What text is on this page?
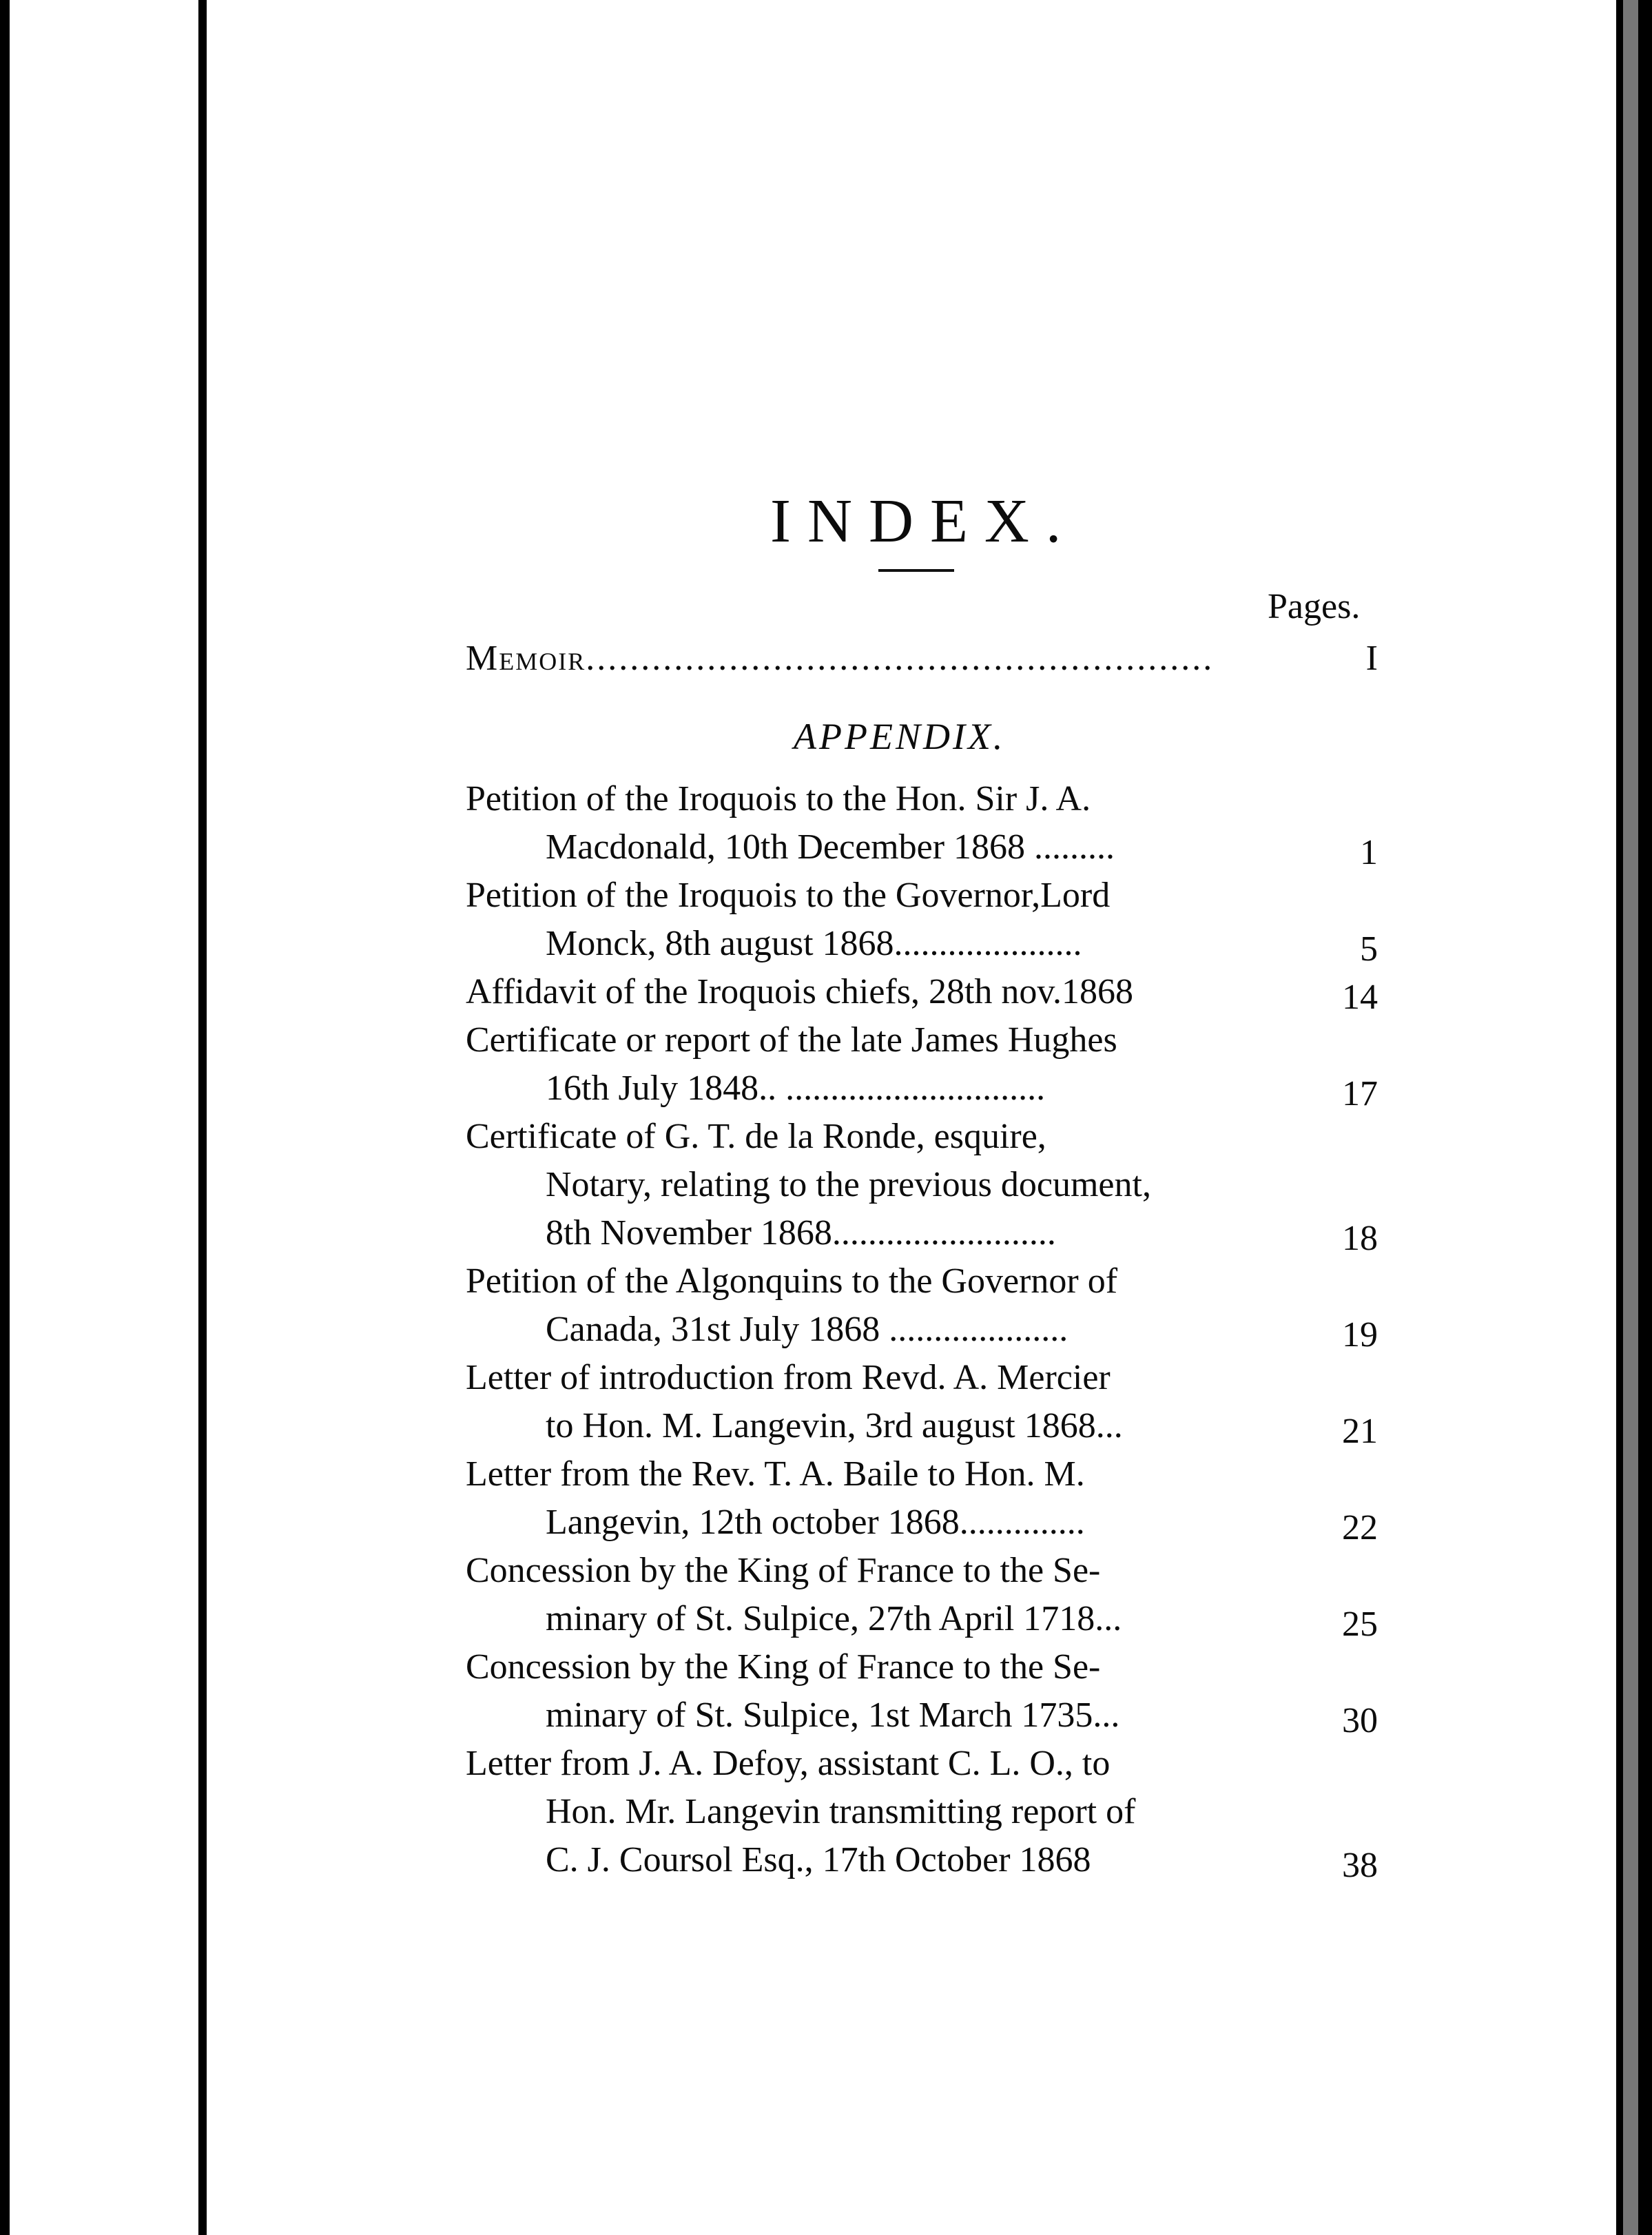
INDEX.
Pages.
Memoir.........................................................	I
APPENDIX.
Petition of the Iroquois to the Hon. Sir J. A.
Macdonald, 10th December 1868 .........	1
Petition of the Iroquois to the Governor,Lord
Monck, 8th august 1868.....................	5
Affidavit of the Iroquois chiefs, 28th nov.1868	14
Certificate or report of the late James Hughes
16th July 1848.. .............................	17
Certificate of G. T. de la Ronde, esquire,
Notary, relating to the previous document,
8th November 1868.........................	18
Petition of the Algonquins to the Governor of
Canada, 31st July 1868 ....................	19
Letter of introduction from Revd. A. Mercier
to Hon. M. Langevin, 3rd august 1868...	21
Letter from the Rev. T. A. Baile to Hon. M.
Langevin, 12th october 1868..............	22
Concession by the King of France to the Se-
minary of St. Sulpice, 27th April 1718...	25
Concession by the King of France to the Se-
minary of St. Sulpice, 1st March 1735...	30
Letter from J. A. Defoy, assistant C. L. O., to
Hon. Mr. Langevin transmitting report of
C. J. Coursol Esq., 17th October 1868	38
